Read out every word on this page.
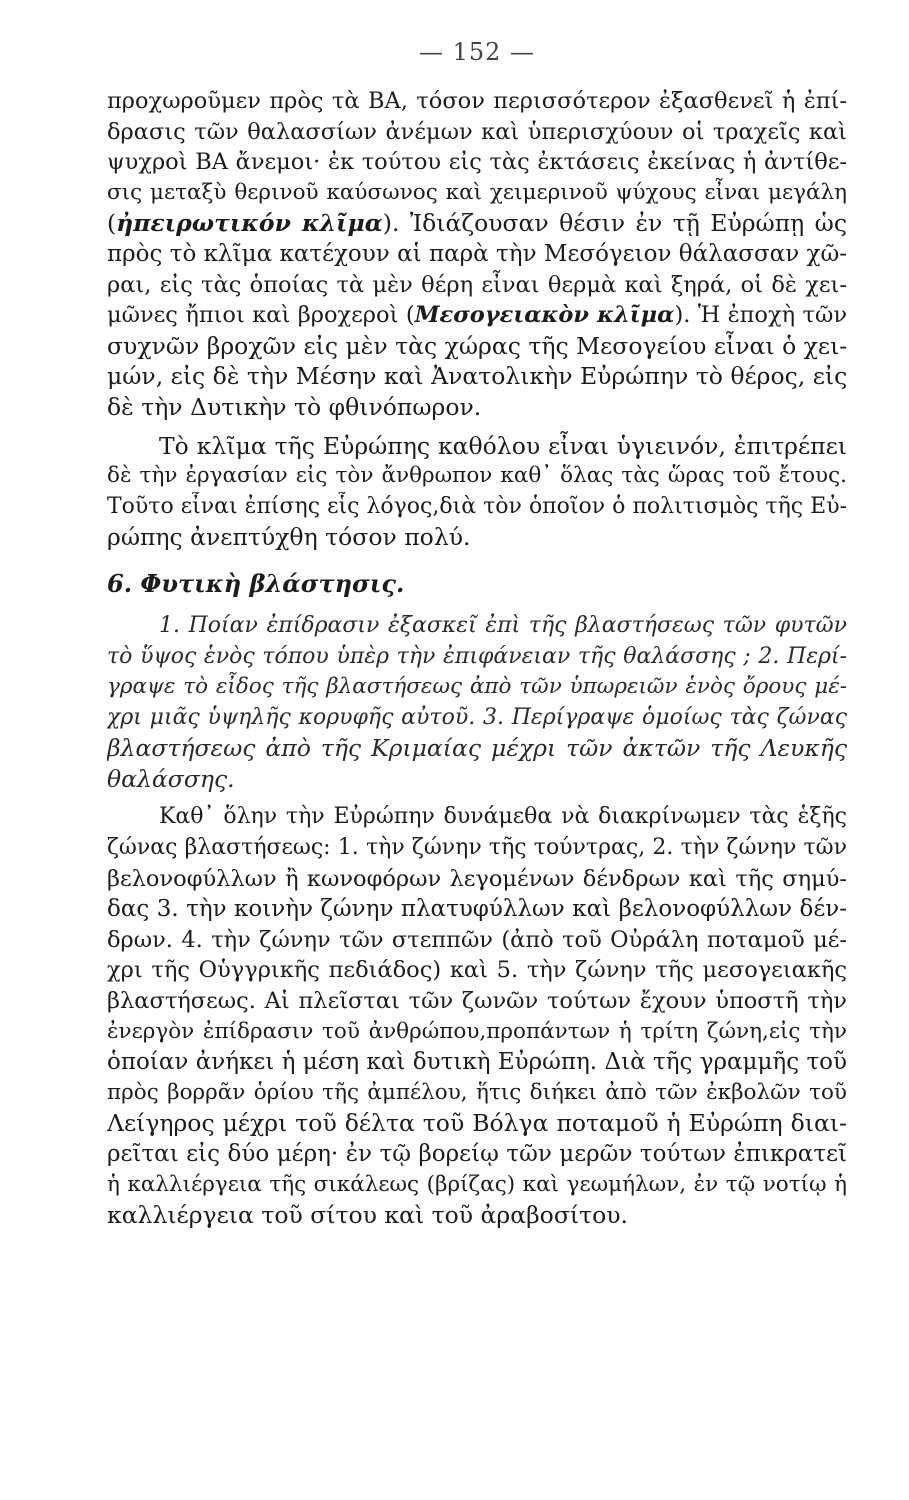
— 152 —
προχωροῦμεν πρὸς τὰ ΒΑ, τόσον περισσότερον ἐξασθενεῖ ἡ ἐπί-
δρασις τῶν θαλασσίων ἀνέμων καὶ ὑπερισχύουν οἱ τραχεῖς καὶ
ψυχροὶ ΒΑ ἄνεμοι· ἐκ τούτου εἰς τὰς ἐκτάσεις ἐκείνας ἡ ἀντίθε-
σις μεταξὺ θερινοῦ καύσωνος καὶ χειμερινοῦ ψύχους εἶναι μεγάλη
(ἠπειρωτικόν κλῖμα). Ἰδιάζουσαν θέσιν ἐν τῇ Εὐρώπῃ ὡς
πρὸς τὸ κλῖμα κατέχουν αἱ παρὰ τὴν Μεσόγειον θάλασσαν χῶ-
ραι, εἰς τὰς ὁποίας τὰ μὲν θέρη εἶναι θερμὰ καὶ ξηρά, οἱ δὲ χει-
μῶνες ἤπιοι καὶ βροχεροὶ (Μεσογειακὸν κλῖμα). Ἡ ἐποχὴ τῶν
συχνῶν βροχῶν εἰς μὲν τὰς χώρας τῆς Μεσογείου εἶναι ὁ χει-
μών, εἰς δὲ τὴν Μέσην καὶ Ἀνατολικὴν Εὐρώπην τὸ θέρος, εἰς
δὲ τὴν Δυτικὴν τὸ φθινόπωρον.
Τὸ κλῖμα τῆς Εὐρώπης καθόλου εἶναι ὑγιεινόν, ἐπιτρέπει
δὲ τὴν ἐργασίαν εἰς τὸν ἄνθρωπον καθ᾽ ὅλας τὰς ὥρας τοῦ ἔτους.
Τοῦτο εἶναι ἐπίσης εἷς λόγος,διὰ τὸν ὁποῖον ὁ πολιτισμὸς τῆς Εὐ-
ρώπης ἀνεπτύχθη τόσον πολύ.
6. Φυτικὴ βλάστησις.
1. Ποίαν ἐπίδρασιν ἐξασκεῖ ἐπὶ τῆς βλαστήσεως τῶν φυτῶν
τὸ ὕψος ἑνὸς τόπου ὑπὲρ τὴν ἐπιφάνειαν τῆς θαλάσσης ; 2. Περί-
γραψε τὸ εἶδος τῆς βλαστήσεως ἀπὸ τῶν ὑπωρειῶν ἑνὸς ὄρους μέ-
χρι μιᾶς ὑψηλῆς κορυφῆς αὐτοῦ. 3. Περίγραψε ὁμοίως τὰς ζώνας
βλαστήσεως ἀπὸ τῆς Κριμαίας μέχρι τῶν ἀκτῶν τῆς Λευκῆς
θαλάσσης.
Καθ᾽ ὅλην τὴν Εὐρώπην δυνάμεθα νὰ διακρίνωμεν τὰς ἑξῆς
ζώνας βλαστήσεως: 1. τὴν ζώνην τῆς τούντρας, 2. τὴν ζώνην τῶν
βελονοφύλλων ἢ κωνοφόρων λεγομένων δένδρων καὶ τῆς σημύ-
δας 3. τὴν κοινὴν ζώνην πλατυφύλλων καὶ βελονοφύλλων δέν-
δρων. 4. τὴν ζώνην τῶν στεππῶν (ἀπὸ τοῦ Οὐράλη ποταμοῦ μέ-
χρι τῆς Οὑγγρικῆς πεδιάδος) καὶ 5. τὴν ζώνην τῆς μεσογειακῆς
βλαστήσεως. Αἱ πλεῖσται τῶν ζωνῶν τούτων ἔχουν ὑποστῆ τὴν
ἐνεργὸν ἐπίδρασιν τοῦ ἀνθρώπου,προπάντων ἡ τρίτη ζώνη,εἰς τὴν
ὁποίαν ἀνήκει ἡ μέση καὶ δυτικὴ Εὐρώπη. Διὰ τῆς γραμμῆς τοῦ
πρὸς βορρᾶν ὁρίου τῆς ἀμπέλου, ἥτις διήκει ἀπὸ τῶν ἐκβολῶν τοῦ
Λείγηρος μέχρι τοῦ δέλτα τοῦ Βόλγα ποταμοῦ ἡ Εὐρώπη διαι-
ρεῖται εἰς δύο μέρη· ἐν τῷ βορείῳ τῶν μερῶν τούτων ἐπικρατεῖ
ἡ καλλιέργεια τῆς σικάλεως (βρίζας) καὶ γεωμήλων, ἐν τῷ νοτίῳ ἡ
καλλιέργεια τοῦ σίτου καὶ τοῦ ἀραβοσίτου.
